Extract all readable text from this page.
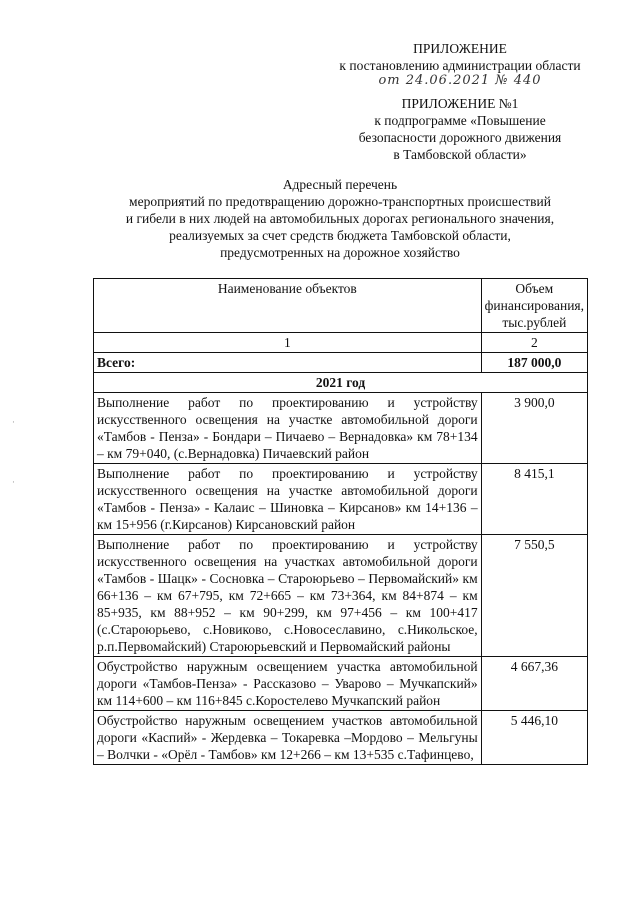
ПРИЛОЖЕНИЕ
к постановлению администрации области
от 24.06.2021 № 440
ПРИЛОЖЕНИЕ №1
к подпрограмме «Повышение
безопасности дорожного движения
в Тамбовской области»
Адресный перечень
мероприятий по предотвращению дорожно-транспортных происшествий
и гибели в них людей на автомобильных дорогах регионального значения,
реализуемых за счет средств бюджета Тамбовской области,
предусмотренных на дорожное хозяйство
·
·
Наименование объектов	Объем финансирования, тыс.рублей
1	2
Всего:	187 000,0
2021 год	
Выполнение работ по проектированию и устройству искусственного освещения на участке автомобильной дороги «Тамбов - Пенза» - Бондари – Пичаево – Вернадовка» км 78+134 – км 79+040, (с.Вернадовка) Пичаевский район	3 900,0
Выполнение работ по проектированию и устройству искусственного освещения на участке автомобильной дороги «Тамбов - Пенза» - Калаис – Шиновка – Кирсанов» км 14+136 – км 15+956 (г.Кирсанов) Кирсановский район	8 415,1
Выполнение работ по проектированию и устройству искусственного освещения на участках автомобильной дороги «Тамбов - Шацк» - Сосновка – Староюрьево – Первомайский» км 66+136 – км 67+795, км 72+665 – км 73+364, км 84+874 – км 85+935, км 88+952 – км 90+299, км 97+456 – км 100+417 (с.Староюрьево, с.Новиково, с.Новосеславино, с.Никольское, р.п.Первомайский) Староюрьевский и Первомайский районы	7 550,5
Обустройство наружным освещением участка автомобильной дороги «Тамбов-Пенза» - Рассказово – Уварово – Мучкапский» км 114+600 – км 116+845 с.Коростелево Мучкапский район	4 667,36
Обустройство наружным освещением участков автомобильной дороги «Каспий» - Жердевка – Токаревка –Мордово – Мельгуны – Волчки - «Орёл - Тамбов» км 12+266 – км 13+535 с.Тафинцево,	5 446,10
